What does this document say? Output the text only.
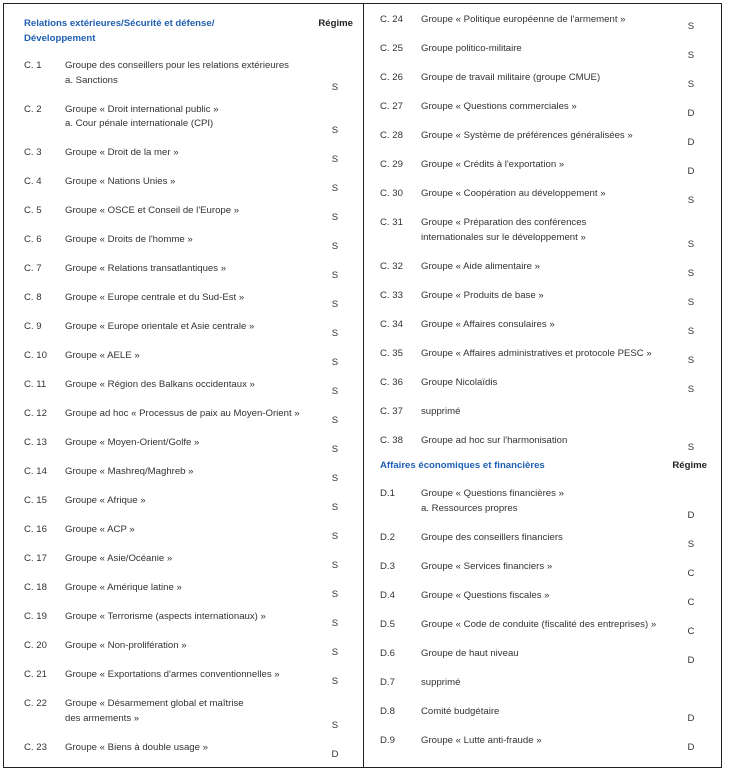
Relations extérieures/Sécurité et défense/
Développement
Régime
C. 1 Groupe des conseillers pour les relations extérieures
a. Sanctions
S
C. 2 Groupe « Droit international public »
a. Cour pénale internationale (CPI)
S
C. 3 Groupe « Droit de la mer »
S
C. 4 Groupe « Nations Unies »
S
C. 5 Groupe « OSCE et Conseil de l'Europe »
S
C. 6 Groupe « Droits de l'homme »
S
C. 7 Groupe « Relations transatlantiques »
S
C. 8 Groupe « Europe centrale et du Sud-Est »
S
C. 9 Groupe « Europe orientale et Asie centrale »
S
C. 10 Groupe « AELE »
S
C. 11 Groupe « Région des Balkans occidentaux »
S
C. 12 Groupe ad hoc « Processus de paix au Moyen-Orient »
S
C. 13 Groupe « Moyen-Orient/Golfe »
S
C. 14 Groupe « Mashreq/Maghreb »
S
C. 15 Groupe « Afrique »
S
C. 16 Groupe « ACP »
S
C. 17 Groupe « Asie/Océanie »
S
C. 18 Groupe « Amérique latine »
S
C. 19 Groupe « Terrorisme (aspects internationaux) »
S
C. 20 Groupe « Non-prolifération »
S
C. 21 Groupe « Exportations d'armes conventionnelles »
S
C. 22 Groupe « Désarmement global et maîtrise
des armements »
S
C. 23 Groupe « Biens à double usage »
D
C. 24 Groupe « Politique européenne de l'armement »
S
C. 25 Groupe politico-militaire
S
C. 26 Groupe de travail militaire (groupe CMUE)
S
C. 27 Groupe « Questions commerciales »
D
C. 28 Groupe « Système de préférences généralisées »
D
C. 29 Groupe « Crédits à l'exportation »
D
C. 30 Groupe « Coopération au développement »
S
C. 31 Groupe « Préparation des conférences
internationales sur le développement »
S
C. 32 Groupe « Aide alimentaire »
S
C. 33 Groupe « Produits de base »
S
C. 34 Groupe « Affaires consulaires »
S
C. 35 Groupe « Affaires administratives et protocole PESC »
S
C. 36 Groupe Nicolaïdis
S
C. 37 supprimé
C. 38 Groupe ad hoc sur l'harmonisation
S
Affaires économiques et financières	Régime
D.1	Groupe « Questions financières »
a. Ressources propres
D
D.2	Groupe des conseillers financiers
S
D.3	Groupe « Services financiers »
C
D.4	Groupe « Questions fiscales »
C
D.5	Groupe « Code de conduite (fiscalité des entreprises) »
C
D.6	Groupe de haut niveau
D
D.7	supprimé
D.8	Comité budgétaire
D
D.9	Groupe « Lutte anti-fraude »
D
